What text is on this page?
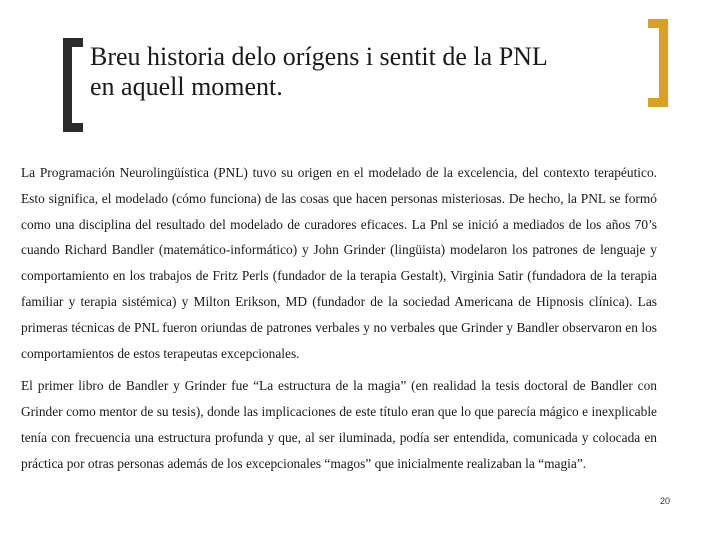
Breu historia delo orígens i sentit de la PNL
en aquell moment.

La Programación Neurolingüística (PNL) tuvo su origen en el modelado de la excelencia, del contexto terapéutico. Esto significa, el modelado (cómo funciona) de las cosas que hacen personas misteriosas. De hecho, la PNL se formó como una disciplina del resultado del modelado de curadores eficaces. La Pnl se inició a mediados de los años 70’s cuando Richard Bandler (matemático-informático) y John Grinder (lingüista) modelaron los patrones de lenguaje y comportamiento en los trabajos de Fritz Perls (fundador de la terapia Gestalt), Virginia Satir (fundadora de la terapia familiar y terapia sistémica) y Milton Erikson, MD (fundador de la sociedad Americana de Hipnosis clínica). Las primeras técnicas de PNL fueron oriundas de patrones verbales y no verbales que Grinder y Bandler observaron en los comportamientos de estos terapeutas excepcionales.

El primer libro de Bandler y Grinder fue “La estructura de la magia” (en realidad la tesis doctoral de Bandler con Grinder como mentor de su tesis), donde las implicaciones de este título eran que lo que parecía mágico e inexplicable tenía con frecuencia una estructura profunda y que, al ser iluminada, podía ser entendida, comunicada y colocada en práctica por otras personas además de los excepcionales “magos” que inicialmente realizaban la “magia”.

20
